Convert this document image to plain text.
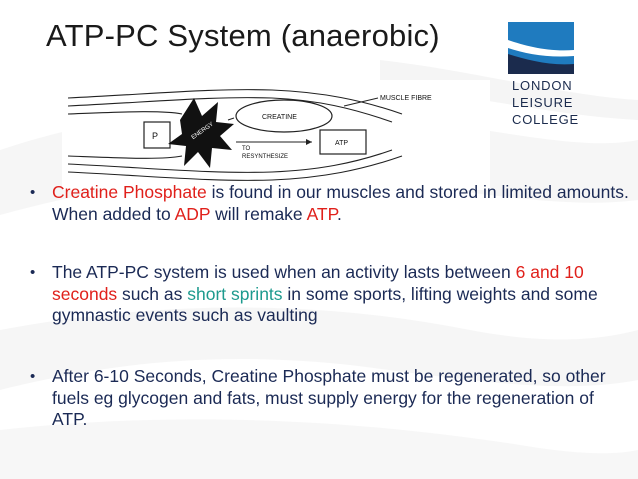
ATP-PC System (anaerobic)
LONDON
LEISURE
COLLEGE
P	ENERGY
CREATINE
TO
RESYNTHESIZE
ATP
MUSCLE FIBRE
• Creatine Phosphate is found in our muscles and stored in limited amounts. When added to ADP will remake ATP.
• The ATP-PC system is used when an activity lasts between 6 and 10 seconds such as short sprints in some sports, lifting weights and some gymnastic events such as vaulting
• After 6-10 Seconds, Creatine Phosphate must be regenerated, so other fuels eg glycogen and fats, must supply energy for the regeneration of ATP.
